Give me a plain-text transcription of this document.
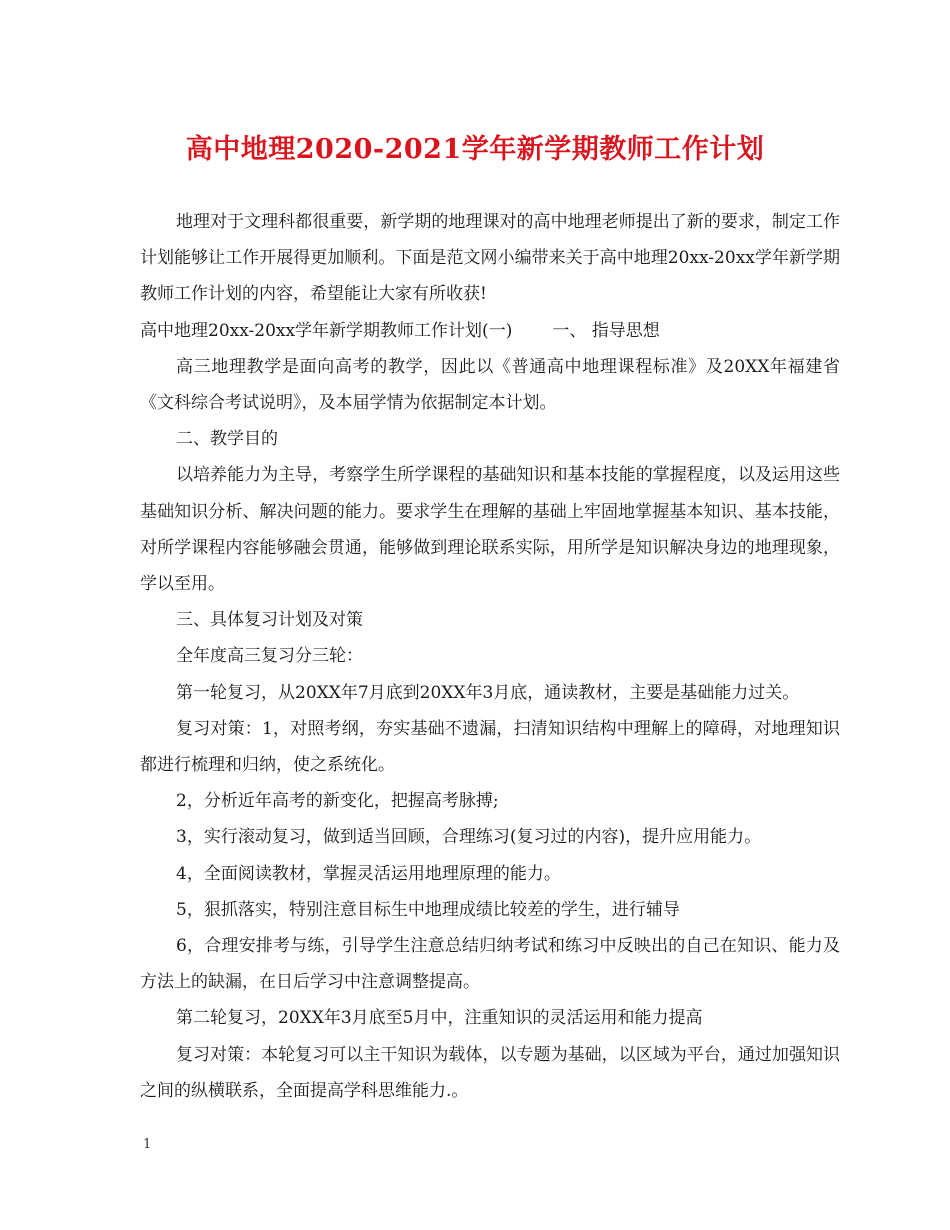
高中地理2020-2021学年新学期教师工作计划

地理对于文理科都很重要，新学期的地理课对的高中地理老师提出了新的要求，制定工作计划能够让工作开展得更加顺利。下面是范文网小编带来关于高中地理20xx-20xx学年新学期教师工作计划的内容，希望能让大家有所收获!

高中地理20xx-20xx学年新学期教师工作计划(一) 一、 指导思想

高三地理教学是面向高考的教学，因此以《普通高中地理课程标准》及20XX年福建省《文科综合考试说明》，及本届学情为依据制定本计划。

二、教学目的

以培养能力为主导，考察学生所学课程的基础知识和基本技能的掌握程度，以及运用这些基础知识分析、解决问题的能力。要求学生在理解的基础上牢固地掌握基本知识、基本技能，对所学课程内容能够融会贯通，能够做到理论联系实际，用所学是知识解决身边的地理现象，学以至用。

三、具体复习计划及对策

全年度高三复习分三轮：

第一轮复习，从20XX年7月底到20XX年3月底，通读教材，主要是基础能力过关。

复习对策：1，对照考纲，夯实基础不遗漏，扫清知识结构中理解上的障碍，对地理知识都进行梳理和归纳，使之系统化。

2，分析近年高考的新变化，把握高考脉搏;

3，实行滚动复习，做到适当回顾，合理练习(复习过的内容)，提升应用能力。

4，全面阅读教材，掌握灵活运用地理原理的能力。

5，狠抓落实，特别注意目标生中地理成绩比较差的学生，进行辅导

6，合理安排考与练，引导学生注意总结归纳考试和练习中反映出的自己在知识、能力及方法上的缺漏，在日后学习中注意调整提高。

第二轮复习，20XX年3月底至5月中，注重知识的灵活运用和能力提高

复习对策：本轮复习可以主干知识为载体，以专题为基础，以区域为平台，通过加强知识之间的纵横联系，全面提高学科思维能力.。

1
